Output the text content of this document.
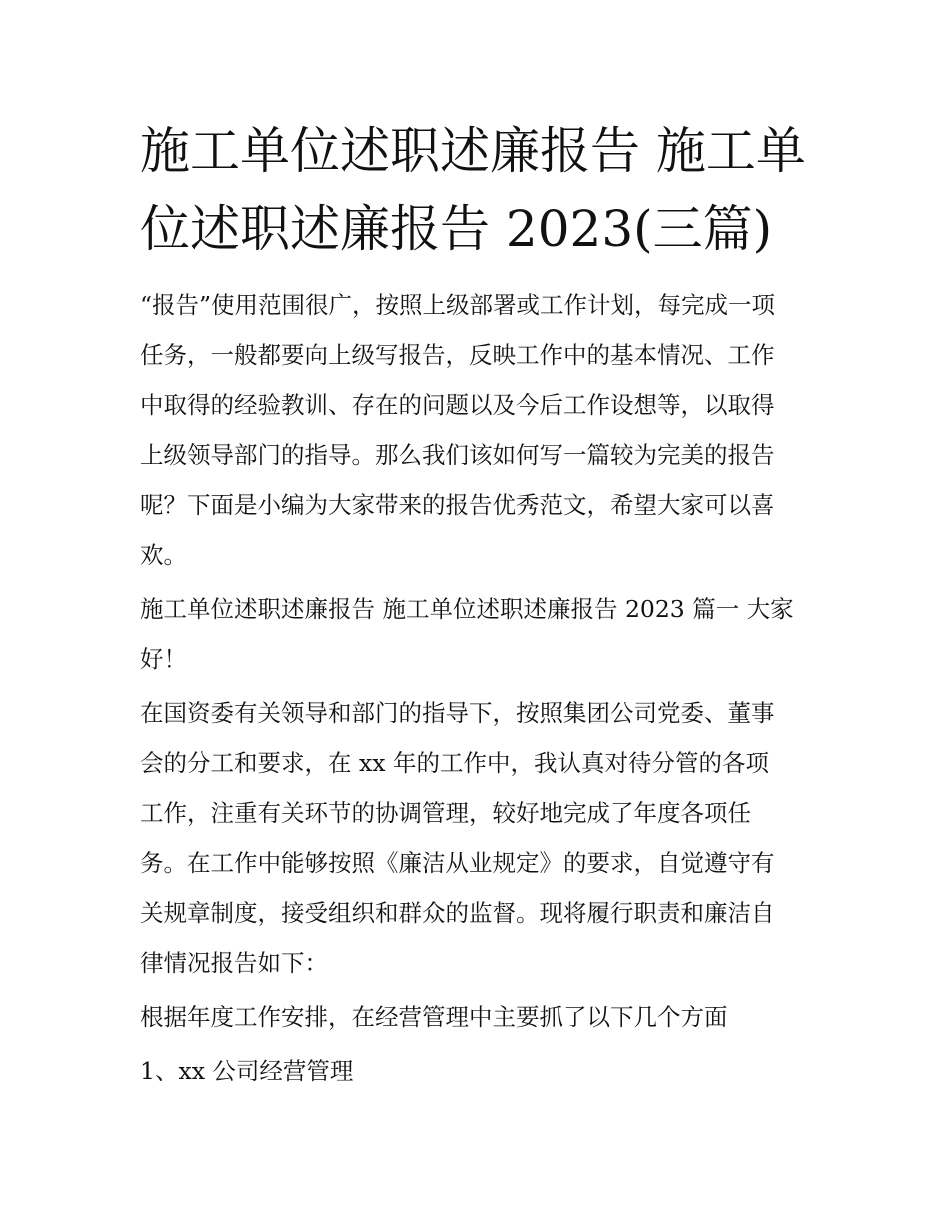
施工单位述职述廉报告 施工单
位述职述廉报告 2023(三篇)

“报告”使用范围很广，按照上级部署或工作计划，每完成一项
任务，一般都要向上级写报告，反映工作中的基本情况、工作
中取得的经验教训、存在的问题以及今后工作设想等，以取得
上级领导部门的指导。那么我们该如何写一篇较为完美的报告
呢？下面是小编为大家带来的报告优秀范文，希望大家可以喜
欢。

施工单位述职述廉报告 施工单位述职述廉报告 2023 篇一 大家
好！

在国资委有关领导和部门的指导下，按照集团公司党委、董事
会的分工和要求，在 xx 年的工作中，我认真对待分管的各项
工作，注重有关环节的协调管理，较好地完成了年度各项任
务。在工作中能够按照《廉洁从业规定》的要求，自觉遵守有
关规章制度，接受组织和群众的监督。现将履行职责和廉洁自
律情况报告如下：

根据年度工作安排，在经营管理中主要抓了以下几个方面

1、xx 公司经营管理
